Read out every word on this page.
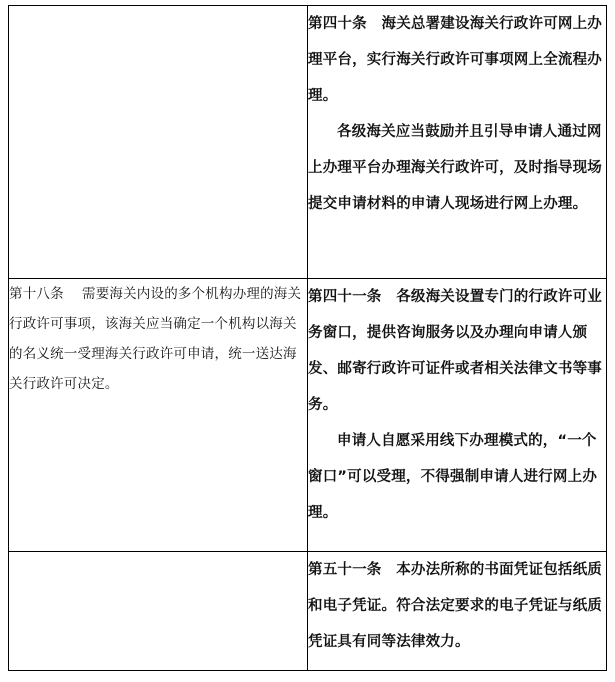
	第四十条　海关总署建设海关行政许可网上办理平台，实行海关行政许可事项网上全流程办理。

各级海关应当鼓励并且引导申请人通过网上办理平台办理海关行政许可，及时指导现场提交申请材料的申请人现场进行网上办理。

第十八条　 需要海关内设的多个机构办理的海关行政许可事项，该海关应当确定一个机构以海关的名义统一受理海关行政许可申请，统一送达海关行政许可决定。	第四十一条　各级海关设置专门的行政许可业务窗口，提供咨询服务以及办理向申请人颁发、邮寄行政许可证件或者相关法律文书等事务。

申请人自愿采用线下办理模式的，“一个窗口”可以受理，不得强制申请人进行网上办理。

	第五十一条　本办法所称的书面凭证包括纸质和电子凭证。符合法定要求的电子凭证与纸质凭证具有同等法律效力。
